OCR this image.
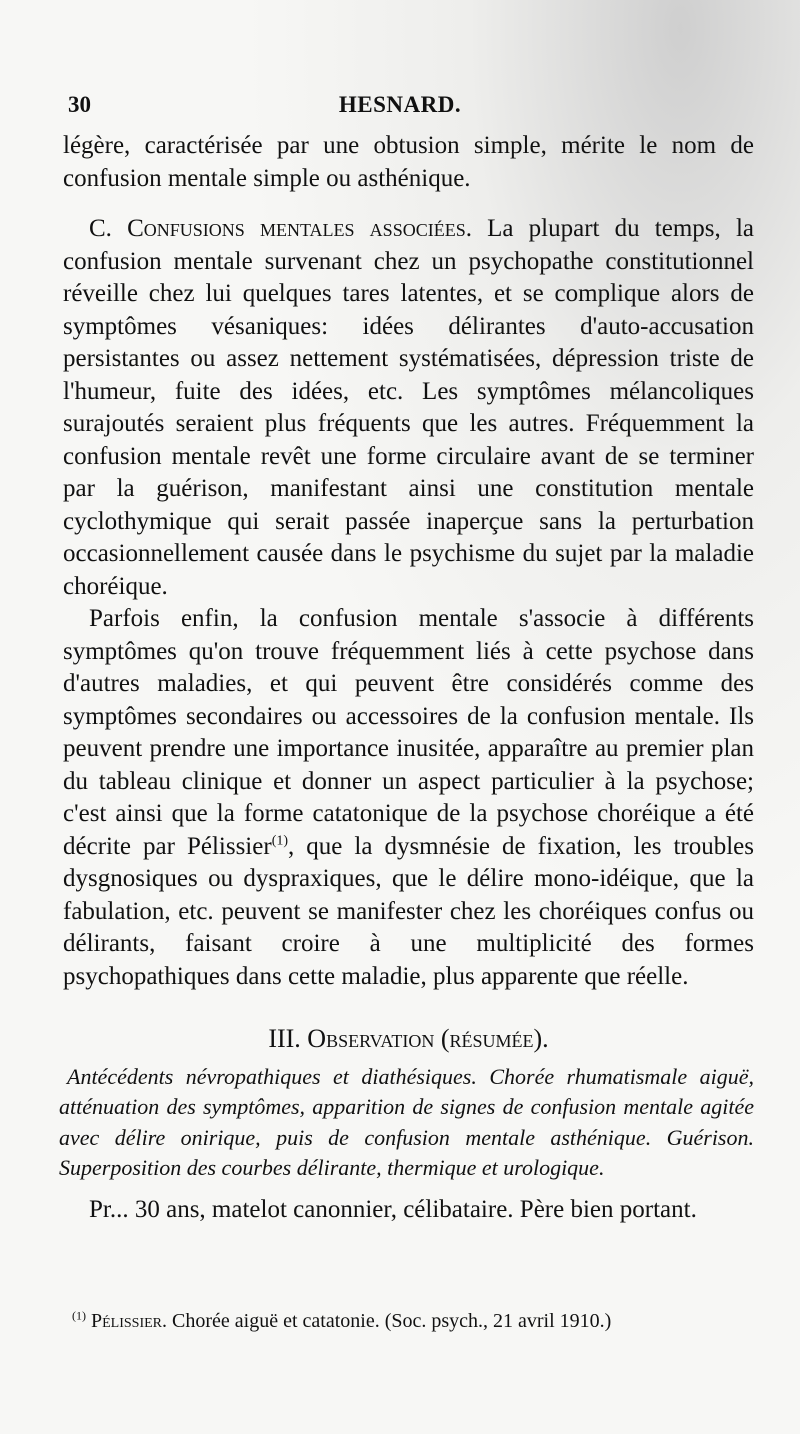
30	HESNARD.

légère, caractérisée par une obtusion simple, mérite le nom de confusion mentale simple ou asthénique.

C. Confusions mentales associées. La plupart du temps, la confusion mentale survenant chez un psychopathe constitutionnel réveille chez lui quelques tares latentes, et se complique alors de symptômes vésaniques: idées délirantes d'auto-accusation persistantes ou assez nettement systématisées, dépression triste de l'humeur, fuite des idées, etc. Les symptômes mélancoliques surajoutés seraient plus fréquents que les autres. Fréquemment la confusion mentale revêt une forme circulaire avant de se terminer par la guérison, manifestant ainsi une constitution mentale cyclothymique qui serait passée inaperçue sans la perturbation occasionnellement causée dans le psychisme du sujet par la maladie choréique.

Parfois enfin, la confusion mentale s'associe à différents symptômes qu'on trouve fréquemment liés à cette psychose dans d'autres maladies, et qui peuvent être considérés comme des symptômes secondaires ou accessoires de la confusion mentale. Ils peuvent prendre une importance inusitée, apparaître au premier plan du tableau clinique et donner un aspect particulier à la psychose; c'est ainsi que la forme catatonique de la psychose choréique a été décrite par Pélissier$^{(1)}$, que la dysmnésie de fixation, les troubles dysgnosiques ou dyspraxiques, que le délire mono-idéique, que la fabulation, etc. peuvent se manifester chez les choréiques confus ou délirants, faisant croire à une multiplicité des formes psychopathiques dans cette maladie, plus apparente que réelle.

III. Observation (résumée).

Antécédents névropathiques et diathésiques. Chorée rhumatismale aiguë, atténuation des symptômes, apparition de signes de confusion mentale agitée avec délire onirique, puis de confusion mentale asthénique. Guérison. Superposition des courbes délirante, thermique et urologique.

Pr... 30 ans, matelot canonnier, célibataire. Père bien portant.

$^{(1)}$ Pélissier. Chorée aiguë et catatonie. (Soc. psych., 21 avril 1910.)
